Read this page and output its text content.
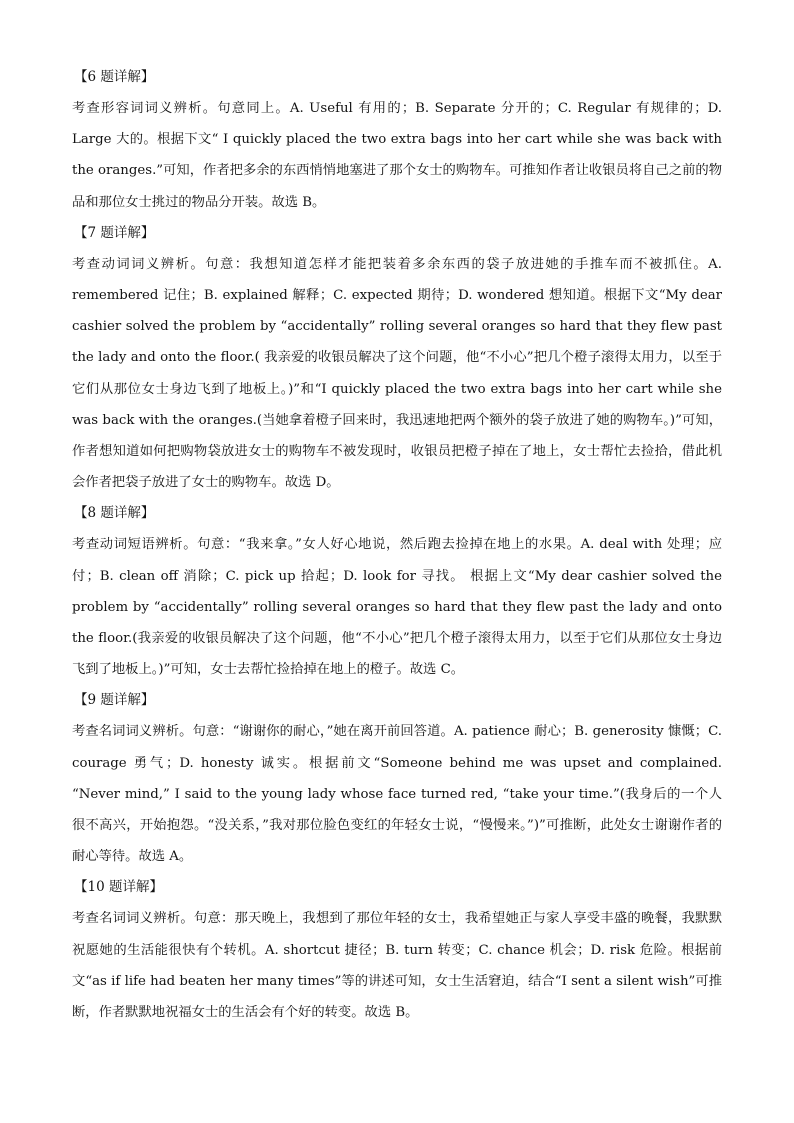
【6 题详解】

考查形容词词义辨析。句意同上。A. Useful 有用的；B. Separate 分开的；C. Regular 有规律的；D. Large 大的。根据下文“ I quickly placed the two extra bags into her cart while she was back with the oranges.”可知，作者把多余的东西悄悄地塞进了那个女士的购物车。可推知作者让收银员将自己之前的物品和那位女士挑过的物品分开装。故选 B。

【7 题详解】

考查动词词义辨析。句意：我想知道怎样才能把装着多余东西的袋子放进她的手推车而不被抓住。A. remembered 记住；B. explained 解释；C. expected 期待；D. wondered 想知道。根据下文“My dear cashier solved the problem by “accidentally” rolling several oranges so hard that they flew past the lady and onto the floor.( 我亲爱的收银员解决了这个问题，他“不小心”把几个橙子滚得太用力，以至于它们从那位女士身边飞到了地板上。)”和“I quickly placed the two extra bags into her cart while she was back with the oranges.(当她拿着橙子回来时，我迅速地把两个额外的袋子放进了她的购物车。)”可知，作者想知道如何把购物袋放进女士的购物车不被发现时，收银员把橙子掉在了地上，女士帮忙去捡拾，借此机会作者把袋子放进了女士的购物车。故选 D。

【8 题详解】

考查动词短语辨析。句意：“我来拿。”女人好心地说，然后跑去捡掉在地上的水果。A. deal with 处理；应付；B. clean off 消除；C. pick up 拾起；D. look for 寻找。 根据上文“My dear cashier solved the problem by “accidentally” rolling several oranges so hard that they flew past the lady and onto the floor.(我亲爱的收银员解决了这个问题，他“不小心”把几个橙子滚得太用力，以至于它们从那位女士身边飞到了地板上。)”可知，女士去帮忙捡拾掉在地上的橙子。故选 C。

【9 题详解】

考查名词词义辨析。句意：“谢谢你的耐心，”她在离开前回答道。A. patience 耐心；B. generosity 慷慨；C. courage 勇气；D. honesty 诚实。根据前文“Someone behind me was upset and complained. “Never mind,” I said to the young lady whose face turned red, “take your time.”(我身后的一个人很不高兴，开始抱怨。“没关系，”我对那位脸色变红的年轻女士说，“慢慢来。”)”可推断，此处女士谢谢作者的耐心等待。故选 A。

【10 题详解】

考查名词词义辨析。句意：那天晚上，我想到了那位年轻的女士，我希望她正与家人享受丰盛的晚餐，我默默祝愿她的生活能很快有个转机。A. shortcut 捷径；B. turn 转变；C. chance 机会；D. risk 危险。根据前文“as if life had beaten her many times”等的讲述可知，女士生活窘迫，结合“I sent a silent wish”可推断，作者默默地祝福女士的生活会有个好的转变。故选 B。
